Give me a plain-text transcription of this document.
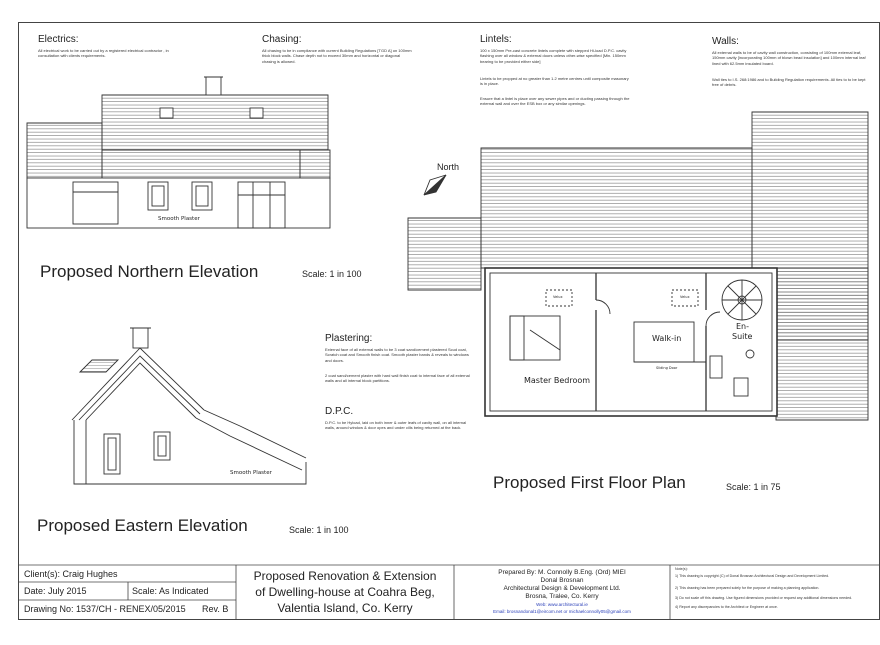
Electrics:
All electrical work to be carried out by a registered electrical contractor , in consultation with clients requirements.
Chasing:
All chasing to be in compliance with current Building Regulations [TGD A] on 100mm thick block walls. Chase depth not to exceed 30mm and horizontal or diagonal chasing is allowed.
Lintels:
100 x 150mm Pre-cast concrete lintels complete with stepped Hi-load D.P.C. cavity flashing over all window & external doors unless other-wise specified [Min. 150mm bearing to be provided either side]
Lintels to be propped at no greater than 1.2 metre centres until composite masonary is in place.
Ensure that a lintel is place over any sewer pipes and or ducting passing through the external wall and over the ESB box or any similar openings.
Walls:
All external walls to be of cavity wall construction, consisting of 100mm external leaf, 150mm cavity [incorporating 100mm of blown bead insulation] and 100mm internal leaf lined with 62.5mm insulated board.
Wall ties to I.S. 268:1986 and to Building Regulation requirements. All ties to to be kept free of debris.
Plastering:
External face of all external walls to be 3 coat sand/cement plastered Scud coat, Scratch coat and Smooth finish coat. Smooth plaster bands & reveals to windows and doors.
2 coat sand/cement plaster with hard wall finish coat to internal face of all external walls and all internal block partitions.
D.P.C.
D.P.C. to be Hyload, laid on both inner & outer leafs of cavity wall, on all internal walls, around window & door opes and under cills being returned at the back.
Smooth Plaster
Proposed Northern Elevation	Scale: 1 in 100
Smooth Plaster
Proposed Eastern Elevation	Scale: 1 in 100
North
Velux	Velux
Walk-in
En-
Suite
Sliding Door
Master Bedroom
Proposed First Floor Plan	Scale: 1 in 75
Client(s): Craig Hughes
Date: July 2015	Scale: As Indicated
Drawing No: 1537/CH - RENEX/05/2015 Rev. B
Proposed Renovation & Extension
of Dwelling-house at Coahra Beg,
Valentia Island, Co. Kerry
Prepared By: M. Connolly B.Eng. (Ord) MIEI
Donal Brosnan
Architectural Design & Development Ltd.
Brosna, Tralee, Co. Kerry
Web: www.architectural.ie
Email: brosnandonal1@eircom.net or michaelconnolly05@gmail.com
Note(s):
1) This drawing is copyright (C) of Donal Brosnan Architectural Design and Development Limited.
2) This drawing has been prepared solely for the purpose of making a planning application.
3) Do not scale off this drawing. Use figured dimensions provided or request any additional dimensions needed.
4) Report any discrepancies to the Architect or Engineer at once.
